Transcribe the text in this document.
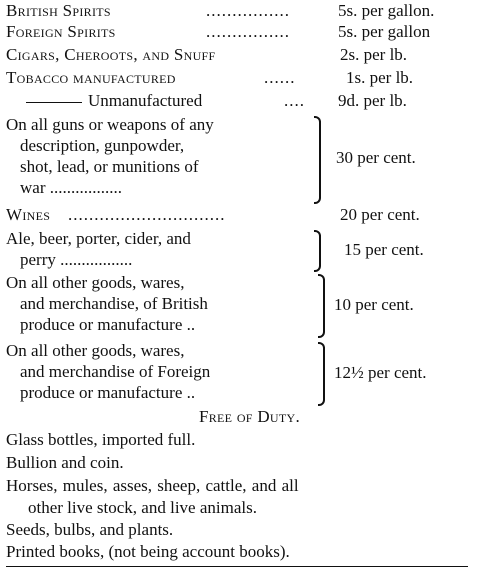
British Spirits	................	5s. per gallon.
Foreign Spirits	................	5s. per gallon
Cigars, Cheroots, and Snuff	2s. per lb.
Tobacco manufactured	......	1s. per lb.
Unmanufactured	....	9d. per lb.
On all guns or weapons of any
description, gunpowder,
shot, lead, or munitions of
war .................
30 per cent.
Wines ..............................	20 per cent.
Ale, beer, porter, cider, and
perry .................
15 per cent.
On all other goods, wares,
and merchandise, of British
produce or manufacture ..
10 per cent.
On all other goods, wares,
and merchandise of Foreign
produce or manufacture ..
12½ per cent.
Free of Duty.
Glass bottles, imported full.
Bullion and coin.
Horses, mules, asses, sheep, cattle, and all
other live stock, and live animals.
Seeds, bulbs, and plants.
Printed books, (not being account books).
